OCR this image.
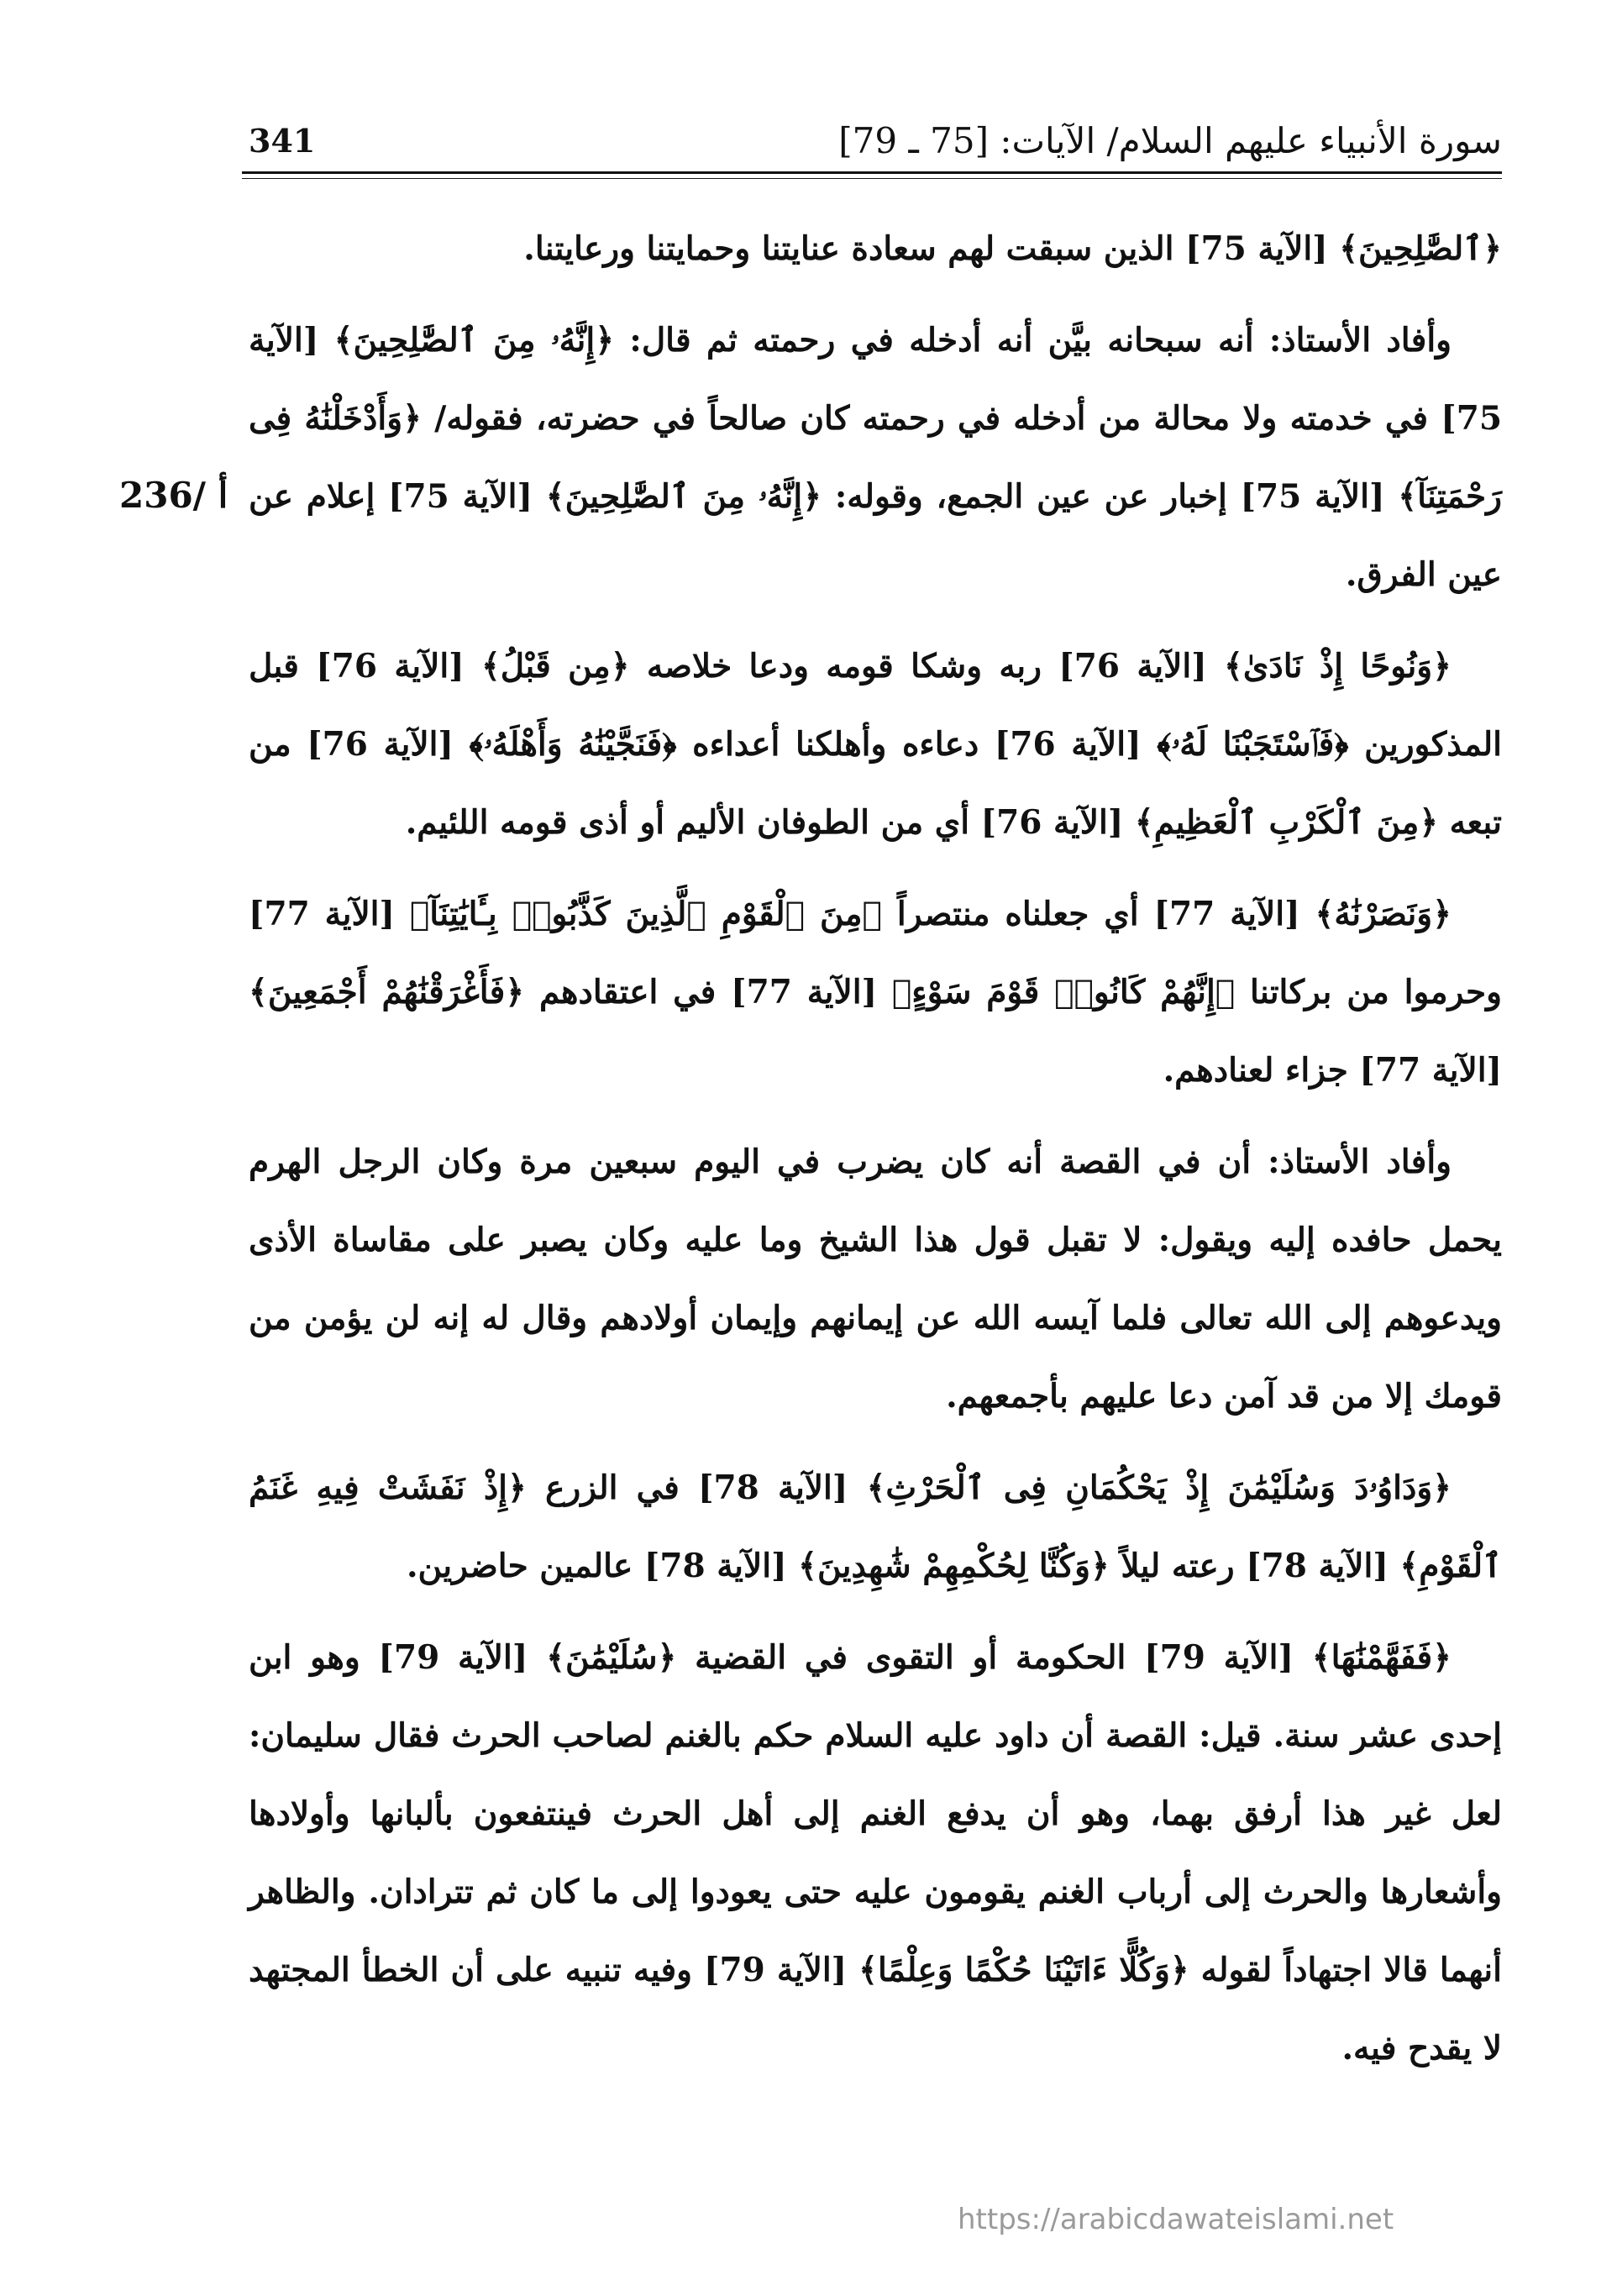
سورة الأنبياء عليهم السلام/ الآيات: [75 ـ 79]
341
236/ أ

﴿ٱلصَّٰلِحِينَ﴾ [الآية 75] الذين سبقت لهم سعادة عنايتنا وحمايتنا ورعايتنا.

وأفاد الأستاذ: أنه سبحانه بيَّن أنه أدخله في رحمته ثم قال: ﴿إِنَّهُۥ مِنَ ٱلصَّٰلِحِينَ﴾ [الآية 75] في خدمته ولا محالة من أدخله في رحمته كان صالحاً في حضرته، فقوله/ ﴿وَأَدْخَلْنَٰهُ فِى رَحْمَتِنَآ﴾ [الآية 75] إخبار عن عين الجمع، وقوله: ﴿إِنَّهُۥ مِنَ ٱلصَّٰلِحِينَ﴾ [الآية 75] إعلام عن عين الفرق.

﴿وَنُوحًا إِذْ نَادَىٰ﴾ [الآية 76] ربه وشكا قومه ودعا خلاصه ﴿مِن قَبْلُ﴾ [الآية 76] قبل المذكورين ﴿فَٱسْتَجَبْنَا لَهُۥ﴾ [الآية 76] دعاءه وأهلكنا أعداءه ﴿فَنَجَّيْنَٰهُ وَأَهْلَهُۥ﴾ [الآية 76] من تبعه ﴿مِنَ ٱلْكَرْبِ ٱلْعَظِيمِ﴾ [الآية 76] أي من الطوفان الأليم أو أذى قومه اللئيم.

﴿وَنَصَرْنَٰهُ﴾ [الآية 77] أي جعلناه منتصراً ﴿مِنَ ٱلْقَوْمِ ٱلَّذِينَ كَذَّبُوا۟ بِـَٔايَٰتِنَآ﴾ [الآية 77] وحرموا من بركاتنا ﴿إِنَّهُمْ كَانُوا۟ قَوْمَ سَوْءٍ﴾ [الآية 77] في اعتقادهم ﴿فَأَغْرَقْنَٰهُمْ أَجْمَعِينَ﴾ [الآية 77] جزاء لعنادهم.

وأفاد الأستاذ: أن في القصة أنه كان يضرب في اليوم سبعين مرة وكان الرجل الهرم يحمل حافده إليه ويقول: لا تقبل قول هذا الشيخ وما عليه وكان يصبر على مقاساة الأذى ويدعوهم إلى الله تعالى فلما آيسه الله عن إيمانهم وإيمان أولادهم وقال له إنه لن يؤمن من قومك إلا من قد آمن دعا عليهم بأجمعهم.

﴿وَدَاوُۥدَ وَسُلَيْمَٰنَ إِذْ يَحْكُمَانِ فِى ٱلْحَرْثِ﴾ [الآية 78] في الزرع ﴿إِذْ نَفَشَتْ فِيهِ غَنَمُ ٱلْقَوْمِ﴾ [الآية 78] رعته ليلاً ﴿وَكُنَّا لِحُكْمِهِمْ شَٰهِدِينَ﴾ [الآية 78] عالمين حاضرين.

﴿فَفَهَّمْنَٰهَا﴾ [الآية 79] الحكومة أو التقوى في القضية ﴿سُلَيْمَٰنَ﴾ [الآية 79] وهو ابن إحدى عشر سنة. قيل: القصة أن داود عليه السلام حكم بالغنم لصاحب الحرث فقال سليمان: لعل غير هذا أرفق بهما، وهو أن يدفع الغنم إلى أهل الحرث فينتفعون بألبانها وأولادها وأشعارها والحرث إلى أرباب الغنم يقومون عليه حتى يعودوا إلى ما كان ثم تترادان. والظاهر أنهما قالا اجتهاداً لقوله ﴿وَكُلًّا ءَاتَيْنَا حُكْمًا وَعِلْمًا﴾ [الآية 79] وفيه تنبيه على أن الخطأ المجتهد لا يقدح فيه.

https://arabicdawateislami.net
